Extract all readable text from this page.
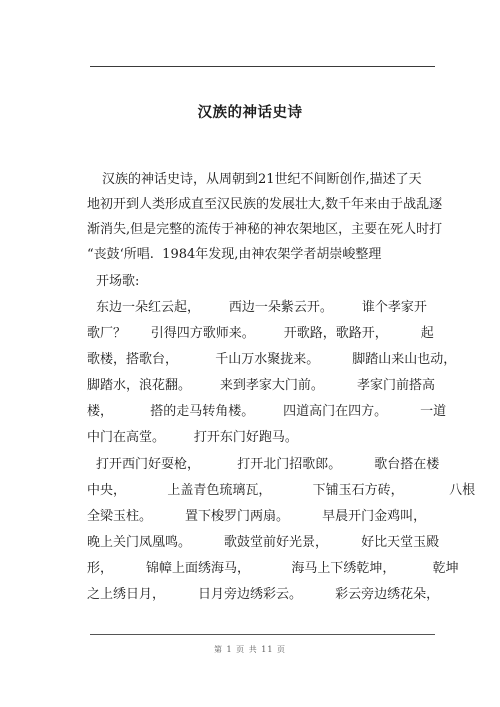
汉族的神话史诗
汉族的神话史诗，从周朝到21世纪不间断创作,描述了天
地初开到人类形成直至汉民族的发展壮大,数千年来由于战乱逐
渐消失,但是完整的流传于神秘的神农架地区，主要在死人时打
“丧鼓‘所唱.  1984年发现,由神农架学者胡崇峻整理
开场歌:
东边一朵红云起，       西边一朵紫云开。       谁个孝家开
歌厂？      引得四方歌师来。       开歌路，歌路开，        起
歌楼，搭歌台，         千山万水聚拢来。        脚踏山来山也动，
脚踏水，浪花翻。       来到孝家大门前。        孝家门前搭高
楼，         搭的走马转角楼。       四道高门在四方。        一道
中门在高堂。       打开东门好跑马。
打开西门好耍枪，         打开北门招歌郎。        歌台搭在楼
中央，          上盖青色琉璃瓦，          下铺玉石方砖，           八根
全梁玉柱。        置下梭罗门两扇。        早晨开门金鸡叫，
晚上关门凤凰鸣。        歌鼓堂前好光景，        好比天堂玉殿
形，        锦幛上面绣海马，          海马上下绣乾坤，         乾坤
之上绣日月，        日月旁边绣彩云。        彩云旁边绣花朵，
第 1 页 共 11 页
